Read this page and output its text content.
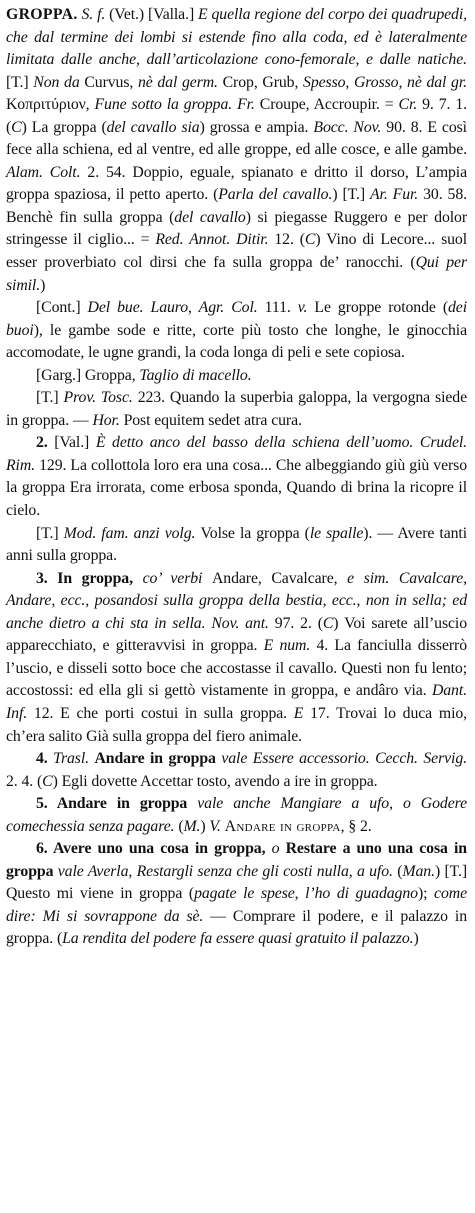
GROPPA. S. f. (Vet.) [Valla.] E quella regione del corpo dei quadrupedi, che dal termine dei lombi si estende fino alla coda, ed è lateralmente limitata dalle anche, dall’articolazione cono-femorale, e dalle natiche. [T.] Non da Curvus, nè dal germ. Crop, Grub, Spesso, Grosso, nè dal gr. Κοπριτύριον, Fune sotto la groppa. Fr. Croupe, Accroupir. = Cr. 9. 7. 1. (C) La groppa (del cavallo sia) grossa e ampia. Bocc. Nov. 90. 8. E così fece alla schiena, ed al ventre, ed alle groppe, ed alle cosce, e alle gambe. Alam. Colt. 2. 54. Doppio, eguale, spianato e dritto il dorso, L’ampia groppa spaziosa, il petto aperto. (Parla del cavallo.) [T.] Ar. Fur. 30. 58. Benchè fin sulla groppa (del cavallo) si piegasse Ruggero e per dolor stringesse il ciglio... = Red. Annot. Ditir. 12. (C) Vino di Lecore... suol esser proverbiato col dirsi che fa sulla groppa de’ ranocchi. (Qui per simil.)

[Cont.] Del bue. Lauro, Agr. Col. 111. v. Le groppe rotonde (dei buoi), le gambe sode e ritte, corte più tosto che longhe, le ginocchia accomodate, le ugne grandi, la coda longa di peli e sete copiosa.

[Garg.] Groppa, Taglio di macello.

[T.] Prov. Tosc. 223. Quando la superbia galoppa, la vergogna siede in groppa. — Hor. Post equitem sedet atra cura.

2. [Val.] È detto anco del basso della schiena dell’uomo. Crudel. Rim. 129. La collottola loro era una cosa... Che albeggiando giù giù verso la groppa Era irrorata, come erbosa sponda, Quando di brina la ricopre il cielo.

[T.] Mod. fam. anzi volg. Volse la groppa (le spalle). — Avere tanti anni sulla groppa.

3. In groppa, co’ verbi Andare, Cavalcare, e sim. Cavalcare, Andare, ecc., posandosi sulla groppa della bestia, ecc., non in sella; ed anche dietro a chi sta in sella. Nov. ant. 97. 2. (C) Voi sarete all’uscio apparecchiato, e gitteravvisi in groppa. E num. 4. La fanciulla disserrò l’uscio, e disseli sotto boce che accostasse il cavallo. Questi non fu lento; accostossi: ed ella gli si gettò vistamente in groppa, e andâro via. Dant. Inf. 12. E che porti costui in sulla groppa. E 17. Trovai lo duca mio, ch’era salito Già sulla groppa del fiero animale.

4. Trasl. Andare in groppa vale Essere accessorio. Cecch. Servig. 2. 4. (C) Egli dovette Accettar tosto, avendo a ire in groppa.

5. Andare in groppa vale anche Mangiare a ufo, o Godere comechessia senza pagare. (M.) V. Andare in groppa, § 2.

6. Avere uno una cosa in groppa, o Restare a uno una cosa in groppa vale Averla, Restargli senza che gli costi nulla, a ufo. (Man.) [T.] Questo mi viene in groppa (pagate le spese, l’ho di guadagno); come dire: Mi si sovrappone da sè. — Comprare il podere, e il palazzo in groppa. (La rendita del podere fa essere quasi gratuito il palazzo.)
